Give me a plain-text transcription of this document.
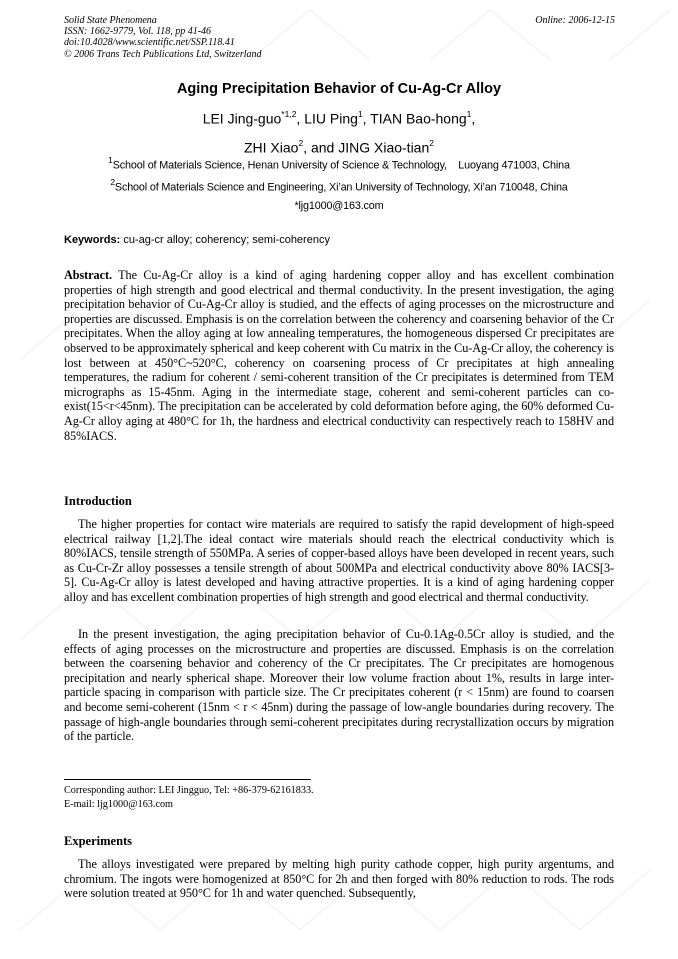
Solid State Phenomena
ISSN: 1662-9779, Vol. 118, pp 41-46
doi:10.4028/www.scientific.net/SSP.118.41
© 2006 Trans Tech Publications Ltd, Switzerland
Online: 2006-12-15
Aging Precipitation Behavior of Cu-Ag-Cr Alloy
LEI Jing-guo$^{*1,2}$, LIU Ping$^1$, TIAN Bao-hong$^1$,
ZHI Xiao$^2$, and JING Xiao-tian$^2$
$^1$School of Materials Science, Henan University of Science & Technology,    Luoyang 471003, China
$^2$School of Materials Science and Engineering, Xi’an University of Technology, Xi’an 710048, China
*ljg1000@163.com
Keywords: cu-ag-cr alloy; coherency; semi-coherency

Abstract. The Cu-Ag-Cr alloy is a kind of aging hardening copper alloy and has excellent combination properties of high strength and good electrical and thermal conductivity. In the present investigation, the aging precipitation behavior of Cu-Ag-Cr alloy is studied, and the effects of aging processes on the microstructure and properties are discussed. Emphasis is on the correlation between the coherency and coarsening behavior of the Cr precipitates. When the alloy aging at low annealing temperatures, the homogeneous dispersed Cr precipitates are observed to be approximately spherical and keep coherent with Cu matrix in the Cu-Ag-Cr alloy, the coherency is lost between at 450°C~520°C, coherency on coarsening process of Cr precipitates at high annealing temperatures, the radium for coherent / semi-coherent transition of the Cr precipitates is determined from TEM micrographs as 15-45nm. Aging in the intermediate stage, coherent and semi-coherent particles can co-exist(15<r<45nm). The precipitation can be accelerated by cold deformation before aging, the 60% deformed Cu-Ag-Cr alloy aging at 480°C for 1h, the hardness and electrical conductivity can respectively reach to 158HV and 85%IACS.

Introduction

The higher properties for contact wire materials are required to satisfy the rapid development of high-speed electrical railway [1,2].The ideal contact wire materials should reach the electrical conductivity which is 80%IACS, tensile strength of 550MPa. A series of copper-based alloys have been developed in recent years, such as Cu-Cr-Zr alloy possesses a tensile strength of about 500MPa and electrical conductivity above 80% IACS[3-5]. Cu-Ag-Cr alloy is latest developed and having attractive properties. It is a kind of aging hardening copper alloy and has excellent combination properties of high strength and good electrical and thermal conductivity.

In the present investigation, the aging precipitation behavior of Cu-0.1Ag-0.5Cr alloy is studied, and the effects of aging processes on the microstructure and properties are discussed. Emphasis is on the correlation between the coarsening behavior and coherency of the Cr precipitates. The Cr precipitates are homogenous precipitation and nearly spherical shape. Moreover their low volume fraction about 1%, results in large inter-particle spacing in comparison with particle size. The Cr precipitates coherent (r < 15nm) are found to coarsen and become semi-coherent (15nm < r < 45nm) during the passage of low-angle boundaries during recovery. The passage of high-angle boundaries through semi-coherent precipitates during recrystallization occurs by migration of the particle.

Corresponding author: LEI Jingguo, Tel: +86-379-62161833.
E-mail: ljg1000@163.com
Experiments

The alloys investigated were prepared by melting high purity cathode copper, high purity argentums, and chromium. The ingots were homogenized at 850°C for 2h and then forged with 80% reduction to rods. The rods were solution treated at 950°C for 1h and water quenched. Subsequently,
